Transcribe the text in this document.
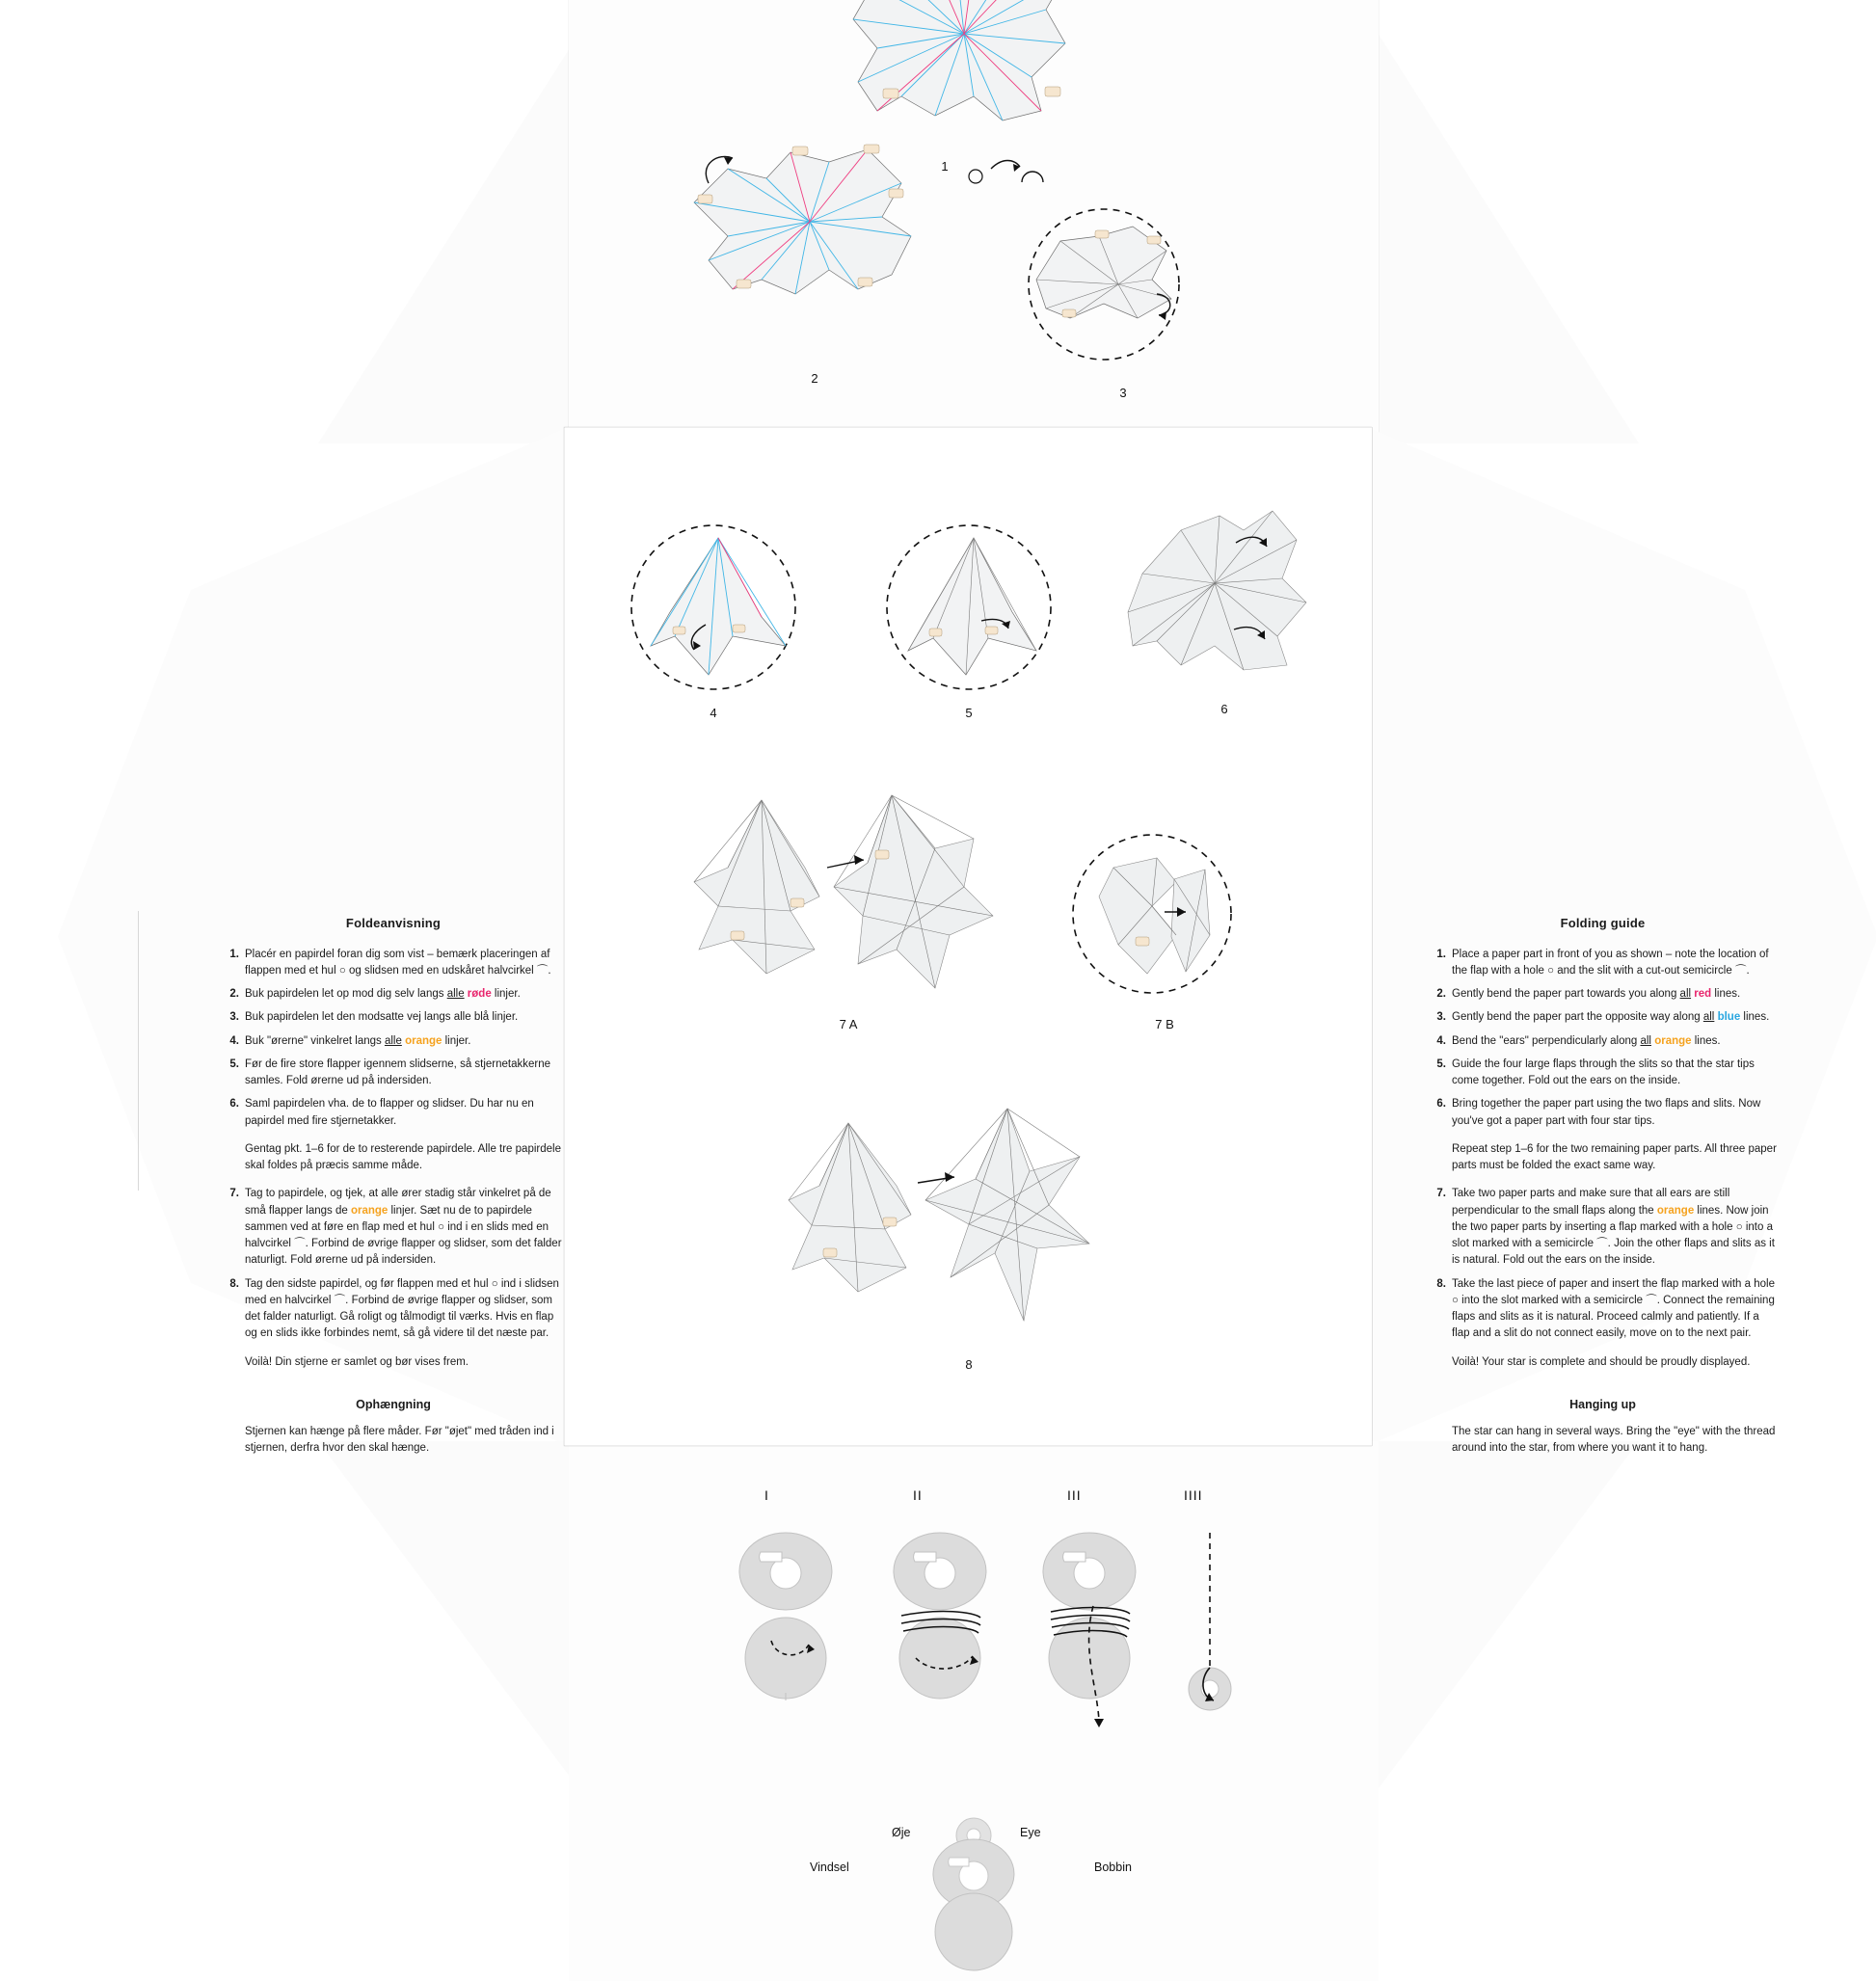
1
2
3
4	5	6
7 A	7 B
8
Foldeanvisning
1. Placér en papirdel foran dig som vist – bemærk placeringen af flappen med et hul ○ og slidsen med en udskåret halvcirkel ⌒.
2. Buk papirdelen let op mod dig selv langs alle røde linjer.
3. Buk papirdelen let den modsatte vej langs alle blå linjer.
4. Buk "ørerne" vinkelret langs alle orange linjer.
5. Før de fire store flapper igennem slidserne, så stjernetakkerne samles. Fold ørerne ud på indersiden.
6. Saml papirdelen vha. de to flapper og slidser. Du har nu en papirdel med fire stjernetakker.

Gentag pkt. 1–6 for de to resterende papirdele. Alle tre papirdele skal foldes på præcis samme måde.

7. Tag to papirdele, og tjek, at alle ører stadig står vinkelret på de små flapper langs de orange linjer. Sæt nu de to papirdele sammen ved at føre en flap med et hul ○ ind i en slids med en halvcirkel ⌒. Forbind de øvrige flapper og slidser, som det falder naturligt. Fold ørerne ud på indersiden.
8. Tag den sidste papirdel, og før flappen med et hul ○ ind i slidsen med en halvcirkel ⌒. Forbind de øvrige flapper og slidser, som det falder naturligt. Gå roligt og tålmodigt til værks. Hvis en flap og en slids ikke forbindes nemt, så gå videre til det næste par.

Voilà! Din stjerne er samlet og bør vises frem.

Ophængning

Stjernen kan hænge på flere måder. Før "øjet" med tråden ind i stjernen, derfra hvor den skal hænge.

Folding guide
1. Place a paper part in front of you as shown – note the location of the flap with a hole ○ and the slit with a cut-out semicircle ⌒.
2. Gently bend the paper part towards you along all red lines.
3. Gently bend the paper part the opposite way along all blue lines.
4. Bend the "ears" perpendicularly along all orange lines.
5. Guide the four large flaps through the slits so that the star tips come together. Fold out the ears on the inside.
6. Bring together the paper part using the two flaps and slits. Now you've got a paper part with four star tips.

Repeat step 1–6 for the two remaining paper parts. All three paper parts must be folded the exact same way.

7. Take two paper parts and make sure that all ears are still perpendicular to the small flaps along the orange lines. Now join the two paper parts by inserting a flap marked with a hole ○ into a slot marked with a semicircle ⌒. Join the other flaps and slits as it is natural. Fold out the ears on the inside.
8. Take the last piece of paper and insert the flap marked with a hole ○ into the slot marked with a semicircle ⌒. Connect the remaining flaps and slits as it is natural. Proceed calmly and patiently. If a flap and a slit do not connect easily, move on to the next pair.

Voilà! Your star is complete and should be proudly displayed.

Hanging up

The star can hang in several ways. Bring the "eye" with the thread around into the star, from where you want it to hang.

I	II	III	IIII
Øje	Eye
Vindsel	Bobbin
